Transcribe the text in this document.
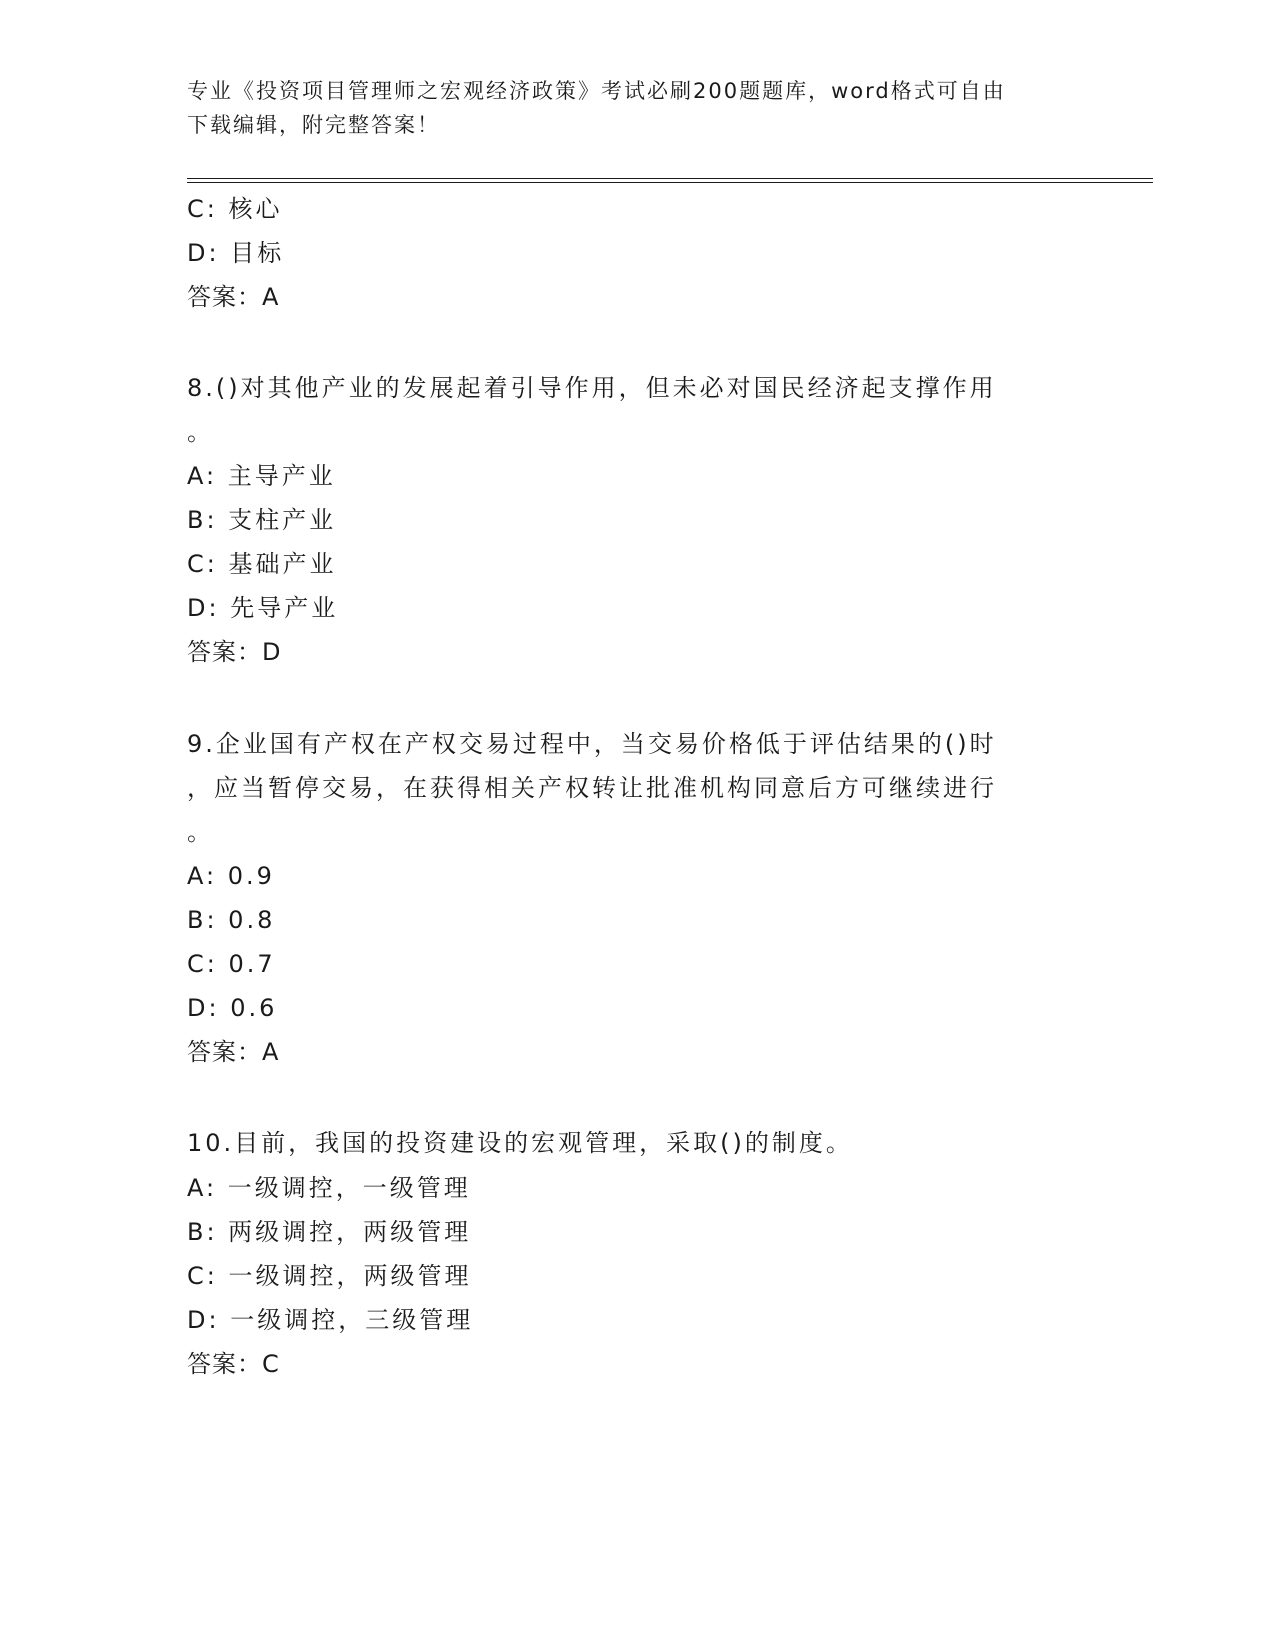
专业《投资项目管理师之宏观经济政策》考试必刷200题题库，word格式可自由
下载编辑，附完整答案！
C: 核心
D: 目标
答案：A
8.()对其他产业的发展起着引导作用，但未必对国民经济起支撑作用
。
A: 主导产业
B: 支柱产业
C: 基础产业
D: 先导产业
答案：D
9.企业国有产权在产权交易过程中，当交易价格低于评估结果的()时
，应当暂停交易，在获得相关产权转让批准机构同意后方可继续进行
。
A: 0.9
B: 0.8
C: 0.7
D: 0.6
答案：A
10.目前，我国的投资建设的宏观管理，采取()的制度。
A: 一级调控，一级管理
B: 两级调控，两级管理
C: 一级调控，两级管理
D: 一级调控，三级管理
答案：C
